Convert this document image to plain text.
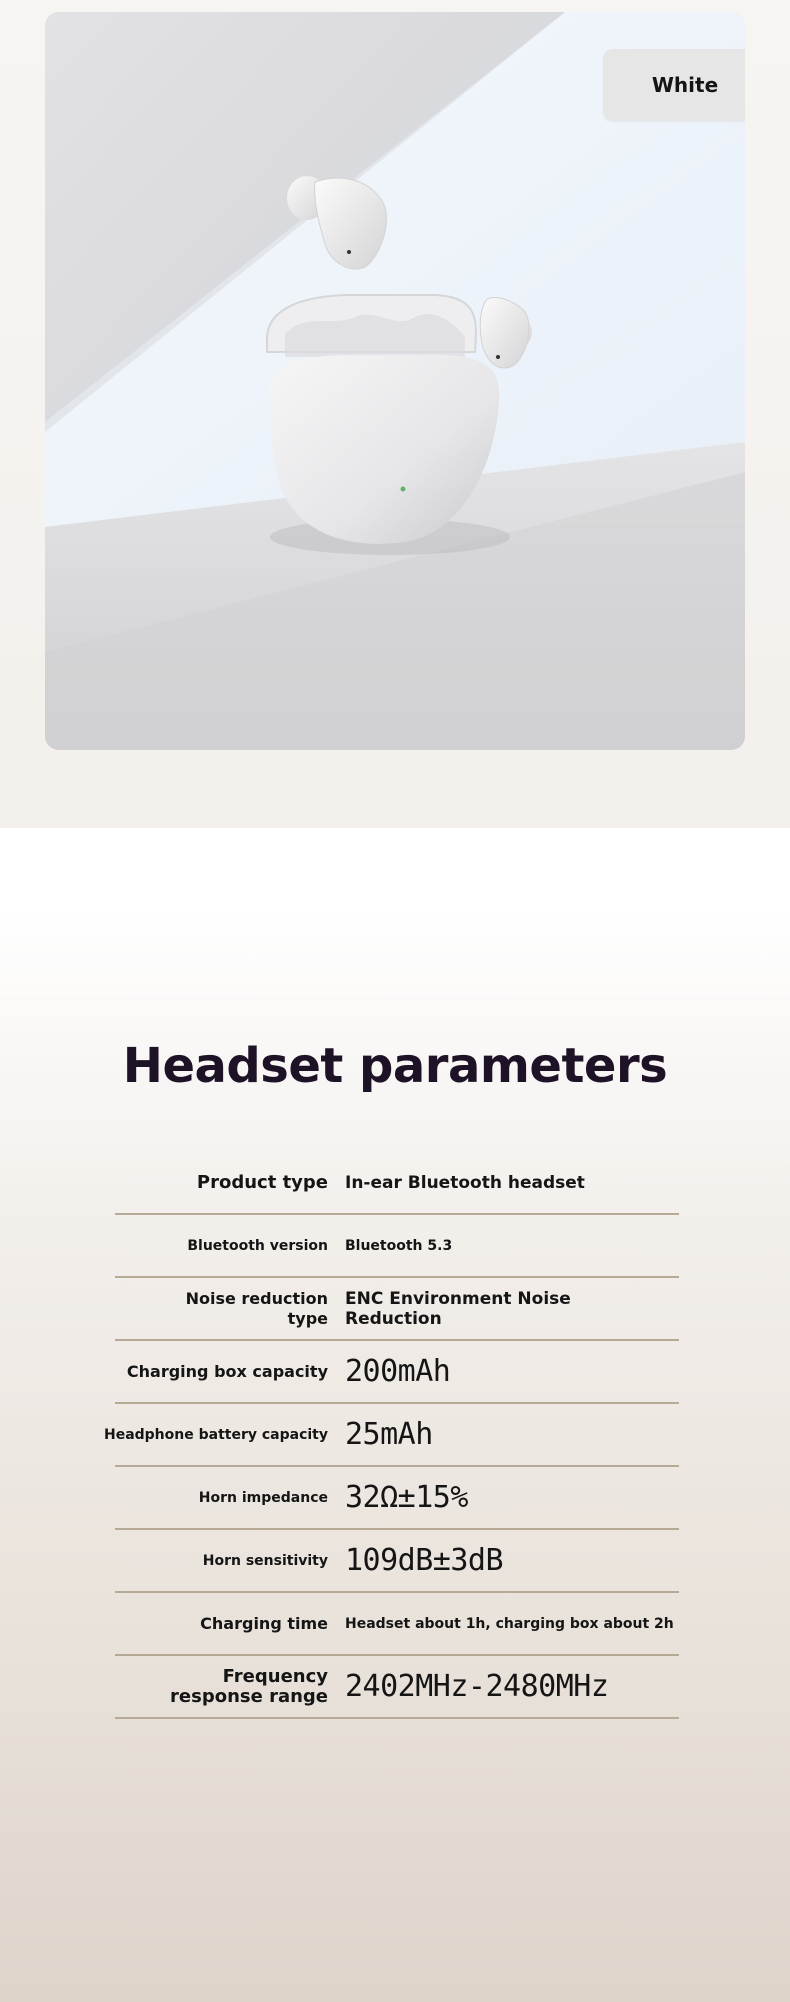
White
Headset parameters
Product type In-ear Bluetooth headset
Bluetooth version Bluetooth 5.3
Noise reduction
type
ENC Environment Noise
Reduction
Charging box capacity 200mAh
Headphone battery capacity 25mAh
Horn impedance 32Ω±15%
Horn sensitivity 109dB±3dB
Charging time Headset about 1h, charging box about 2h
Frequency
response range 2402MHz-2480MHz
